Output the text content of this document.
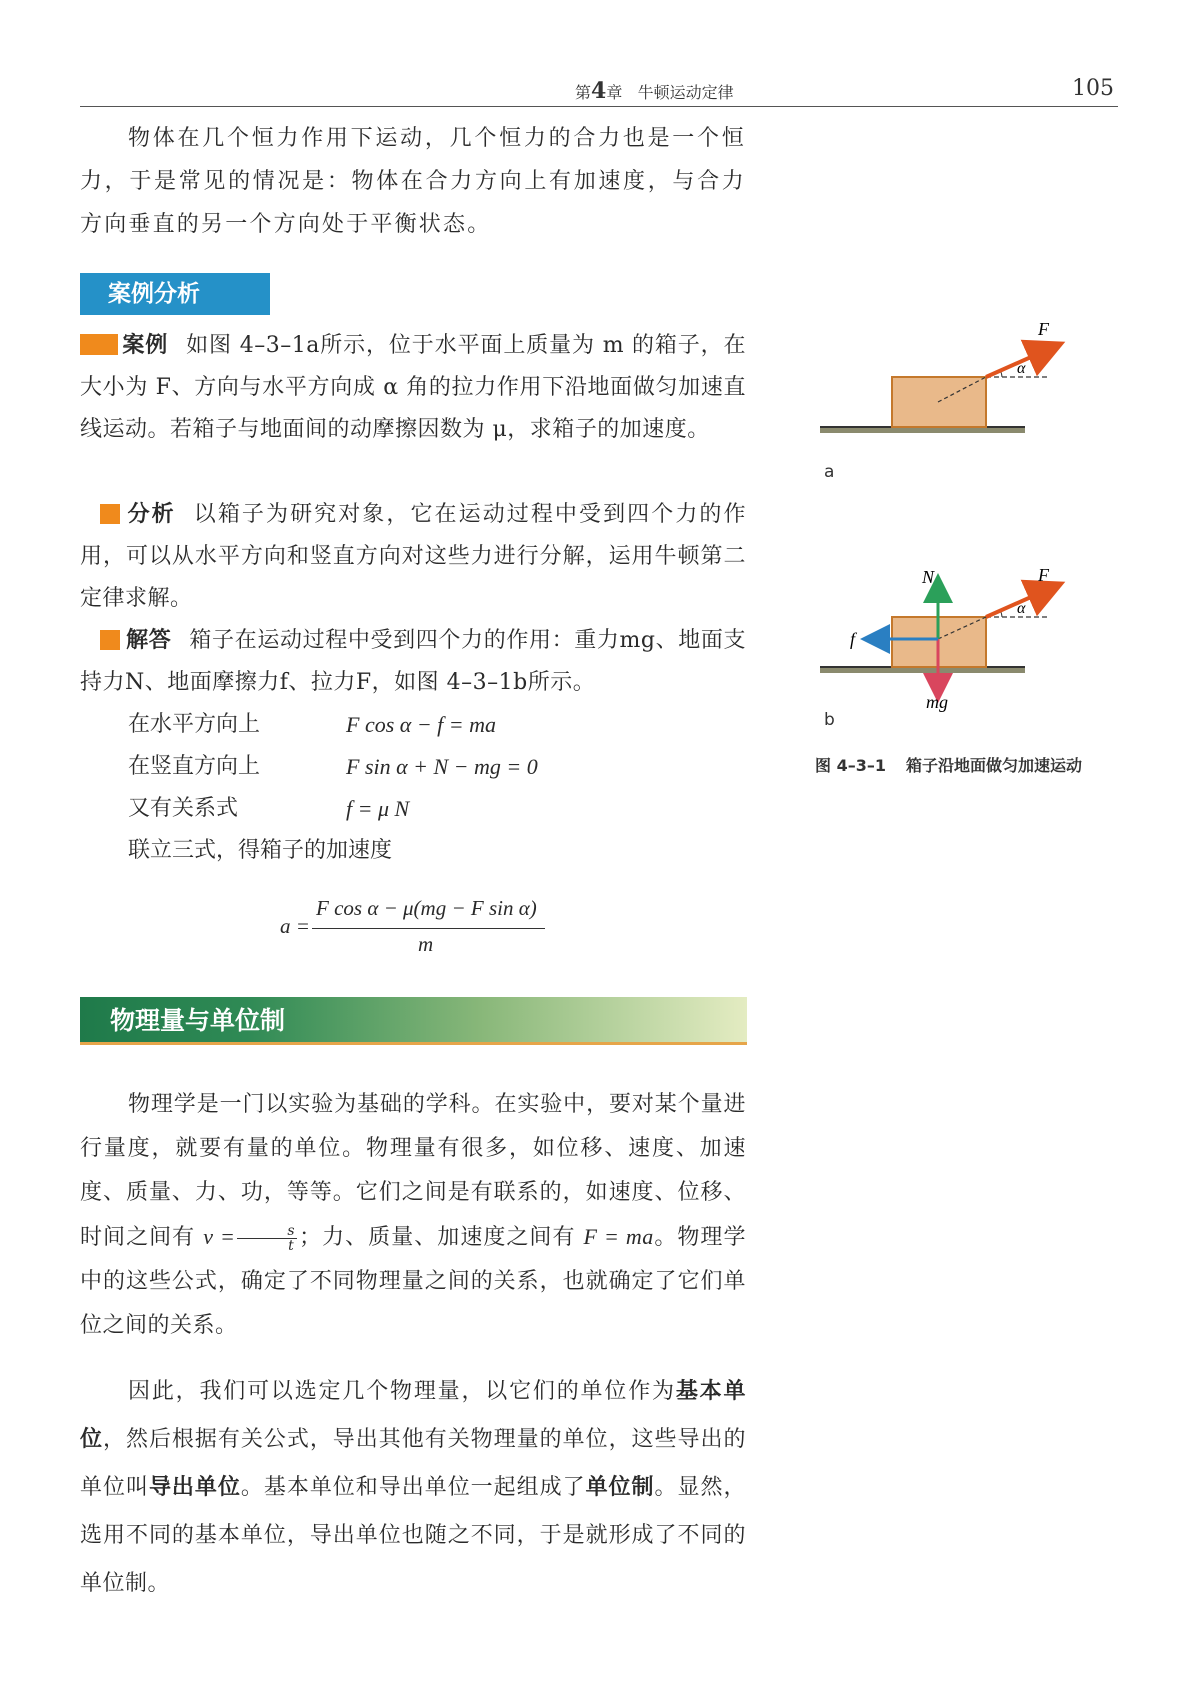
第4章 牛顿运动定律	105

物体在几个恒力作用下运动，几个恒力的合力也是一个恒力，于是常见的情况是：物体在合力方向上有加速度，与合力方向垂直的另一个方向处于平衡状态。

案例分析

案例 如图 4–3–1a所示，位于水平面上质量为 m 的箱子，在大小为 F、方向与水平方向成 α 角的拉力作用下沿地面做匀加速直线运动。若箱子与地面间的动摩擦因数为 μ，求箱子的加速度。

分析 以箱子为研究对象，它在运动过程中受到四个力的作用，可以从水平方向和竖直方向对这些力进行分解，运用牛顿第二定律求解。

解答 箱子在运动过程中受到四个力的作用：重力mg、地面支持力N、地面摩擦力f、拉力F，如图 4–3–1b所示。

在水平方向上	F cos α − f = ma
在竖直方向上	F sin α + N − mg = 0
又有关系式	f = μ N
联立三式，得箱子的加速度
a =
F cos α − μ(mg − F sin α)
m
物理量与单位制

物理学是一门以实验为基础的学科。在实验中，要对某个量进行量度，就要有量的单位。物理量有很多，如位移、速度、加速度、质量、力、功，等等。它们之间是有联系的，如速度、位移、时间之间有 $v = \frac{s}{t}$ ；力、质量、加速度之间有 F = ma。物理学中的这些公式，确定了不同物理量之间的关系，也就确定了它们单位之间的关系。

因此，我们可以选定几个物理量，以它们的单位作为基本单位，然后根据有关公式，导出其他有关物理量的单位，这些导出的单位叫导出单位。基本单位和导出单位一起组成了单位制。显然，选用不同的基本单位，导出单位也随之不同，于是就形成了不同的单位制。

F
α
a
F
α
N
f
mg
b
图 4–3–1 箱子沿地面做匀加速运动
